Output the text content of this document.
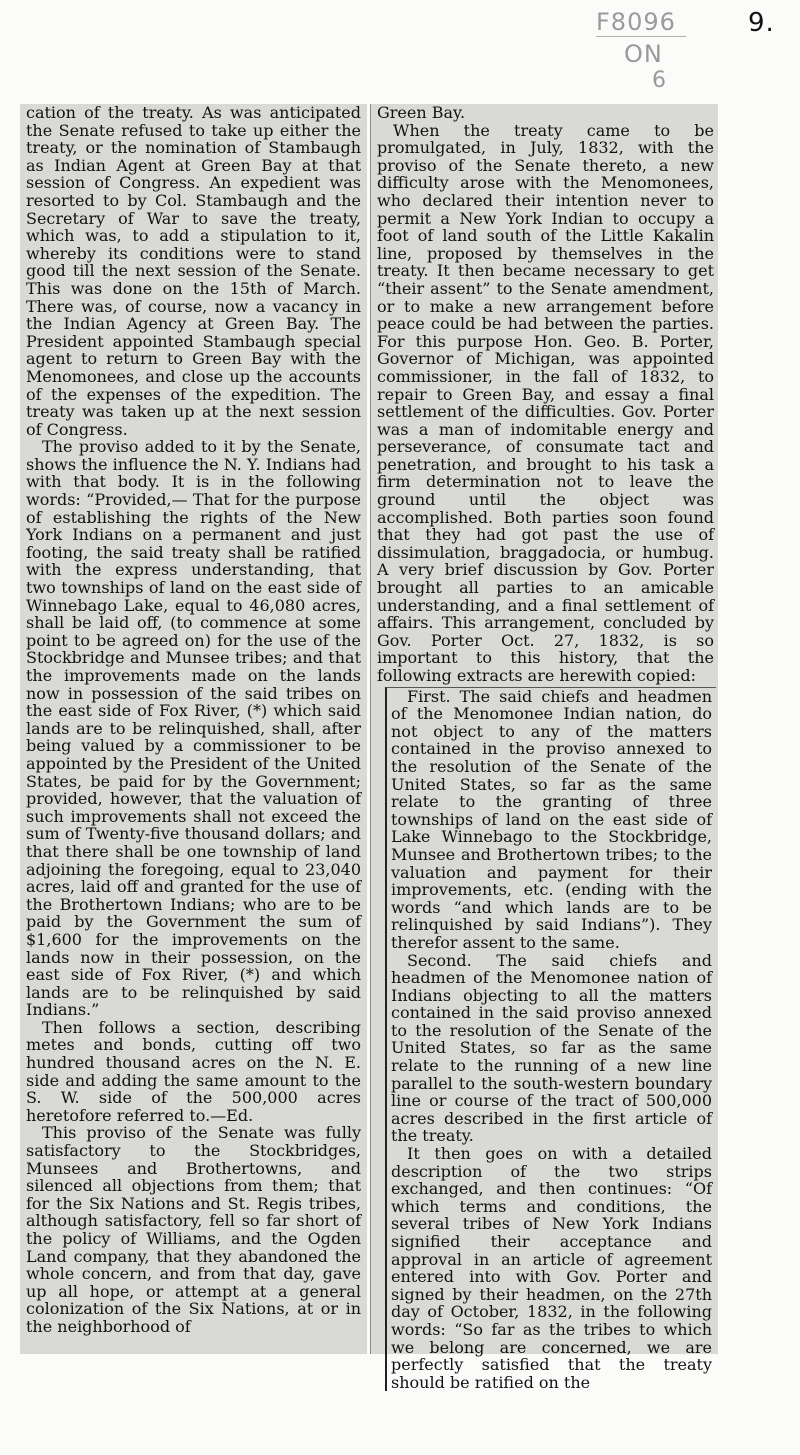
F8096
ON
6
9.

cation of the treaty. As was anticipated the Senate refused to take up either the treaty, or the nomination of Stambaugh as Indian Agent at Green Bay at that session of Congress. An expedient was resorted to by Col. Stambaugh and the Secretary of War to save the treaty, which was, to add a stipulation to it, whereby its conditions were to stand good till the next session of the Senate. This was done on the 15th of March. There was, of course, now a vacancy in the Indian Agency at Green Bay. The President appointed Stambaugh special agent to return to Green Bay with the Menomonees, and close up the accounts of the expenses of the expedition. The treaty was taken up at the next session of Congress.

The proviso added to it by the Senate, shows the influence the N. Y. Indians had with that body. It is in the following words: “Provided,— That for the purpose of establishing the rights of the New York Indians on a permanent and just footing, the said treaty shall be ratified with the express understanding, that two townships of land on the east side of Winnebago Lake, equal to 46,080 acres, shall be laid off, (to commence at some point to be agreed on) for the use of the Stockbridge and Munsee tribes; and that the improvements made on the lands now in possession of the said tribes on the east side of Fox River, (*) which said lands are to be relinquished, shall, after being valued by a commissioner to be appointed by the President of the United States, be paid for by the Government; provided, however, that the valuation of such improvements shall not exceed the sum of Twenty-five thousand dollars; and that there shall be one township of land adjoining the foregoing, equal to 23,040 acres, laid off and granted for the use of the Brothertown Indians; who are to be paid by the Government the sum of $1,600 for the improvements on the lands now in their possession, on the east side of Fox River, (*) and which lands are to be relinquished by said Indians.”

Then follows a section, describing metes and bonds, cutting off two hundred thousand acres on the N. E. side and adding the same amount to the S. W. side of the 500,000 acres heretofore referred to.—Ed.

This proviso of the Senate was fully satisfactory to the Stockbridges, Munsees and Brothertowns, and silenced all objections from them; that for the Six Nations and St. Regis tribes, although satisfactory, fell so far short of the policy of Williams, and the Ogden Land company, that they abandoned the whole concern, and from that day, gave up all hope, or attempt at a general colonization of the Six Nations, at or in the neighborhood of

Green Bay.

When the treaty came to be promulgated, in July, 1832, with the proviso of the Senate thereto, a new difficulty arose with the Menomonees, who declared their intention never to permit a New York Indian to occupy a foot of land south of the Little Kakalin line, proposed by themselves in the treaty. It then became necessary to get “their assent” to the Senate amendment, or to make a new arrangement before peace could be had between the parties. For this purpose Hon. Geo. B. Porter, Governor of Michigan, was appointed commissioner, in the fall of 1832, to repair to Green Bay, and essay a final settlement of the difficulties. Gov. Porter was a man of indomitable energy and perseverance, of consumate tact and penetration, and brought to his task a firm determination not to leave the ground until the object was accomplished. Both parties soon found that they had got past the use of dissimulation, braggadocia, or humbug. A very brief discussion by Gov. Porter brought all parties to an amicable understanding, and a final settlement of affairs. This arrangement, concluded by Gov. Porter Oct. 27, 1832, is so important to this history, that the following extracts are herewith copied:

First. The said chiefs and headmen of the Menomonee Indian nation, do not object to any of the matters contained in the proviso annexed to the resolution of the Senate of the United States, so far as the same relate to the granting of three townships of land on the east side of Lake Winnebago to the Stockbridge, Munsee and Brothertown tribes; to the valuation and payment for their improvements, etc. (ending with the words “and which lands are to be relinquished by said Indians”). They therefor assent to the same.

Second. The said chiefs and headmen of the Menomonee nation of Indians objecting to all the matters contained in the said proviso annexed to the resolution of the Senate of the United States, so far as the same relate to the running of a new line parallel to the south-western boundary line or course of the tract of 500,000 acres described in the first article of the treaty.

It then goes on with a detailed description of the two strips exchanged, and then continues: “Of which terms and conditions, the several tribes of New York Indians signified their acceptance and approval in an article of agreement entered into with Gov. Porter and signed by their headmen, on the 27th day of October, 1832, in the following words: “So far as the tribes to which we belong are concerned, we are perfectly satisfied that the treaty should be ratified on the
